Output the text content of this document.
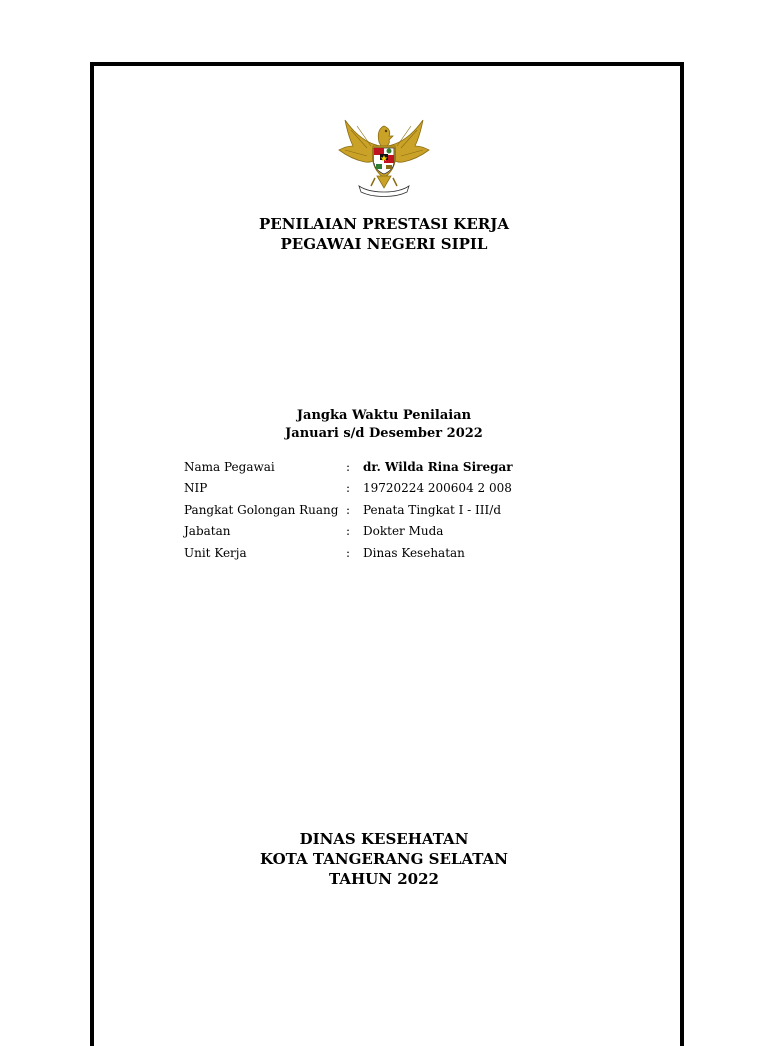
PENILAIAN PRESTASI KERJA
PEGAWAI NEGERI SIPIL
Jangka Waktu Penilaian
Januari s/d Desember 2022
Nama Pegawai	:	dr. Wilda Rina Siregar
NIP	:	19720224 200604 2 008
Pangkat Golongan Ruang	:	Penata Tingkat I - III/d
Jabatan	:	Dokter Muda
Unit Kerja	:	Dinas Kesehatan
DINAS KESEHATAN
KOTA TANGERANG SELATAN
TAHUN 2022
